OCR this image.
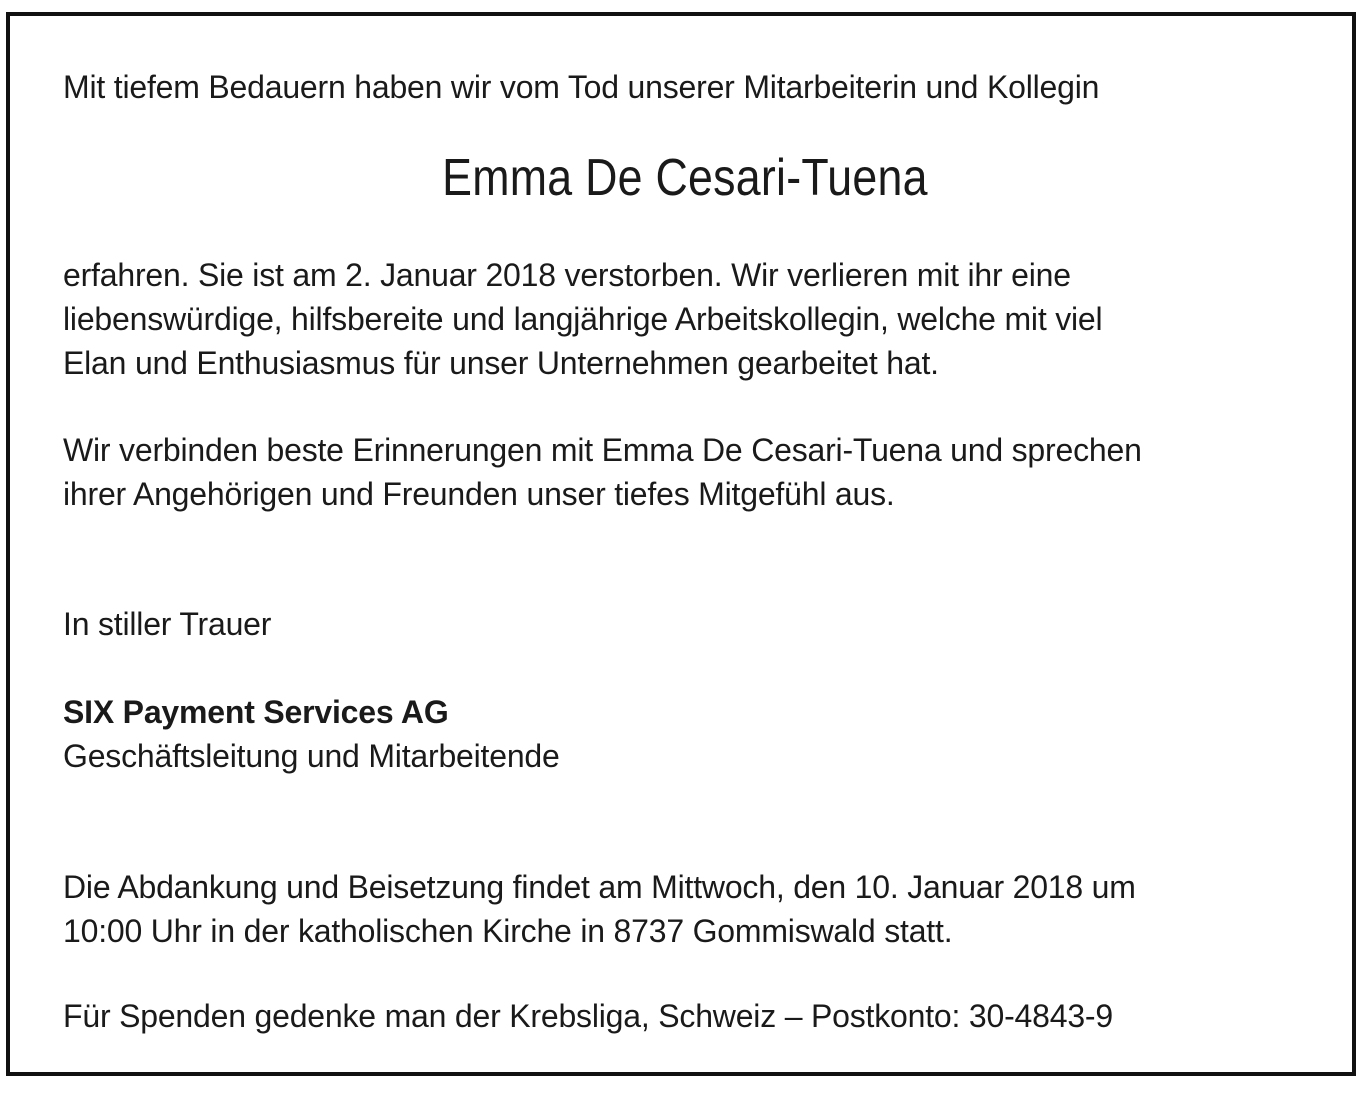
Mit tiefem Bedauern haben wir vom Tod unserer Mitarbeiterin und Kollegin
Emma De Cesari-Tuena
erfahren. Sie ist am 2. Januar 2018 verstorben. Wir verlieren mit ihr eine
liebenswürdige, hilfsbereite und langjährige Arbeitskollegin, welche mit viel
Elan und Enthusiasmus für unser Unternehmen gearbeitet hat.
Wir verbinden beste Erinnerungen mit Emma De Cesari-Tuena und sprechen
ihrer Angehörigen und Freunden unser tiefes Mitgefühl aus.
In stiller Trauer
SIX Payment Services AG
Geschäftsleitung und Mitarbeitende
Die Abdankung und Beisetzung findet am Mittwoch, den 10. Januar 2018 um
10:00 Uhr in der katholischen Kirche in 8737 Gommiswald statt.
Für Spenden gedenke man der Krebsliga, Schweiz – Postkonto: 30-4843-9
